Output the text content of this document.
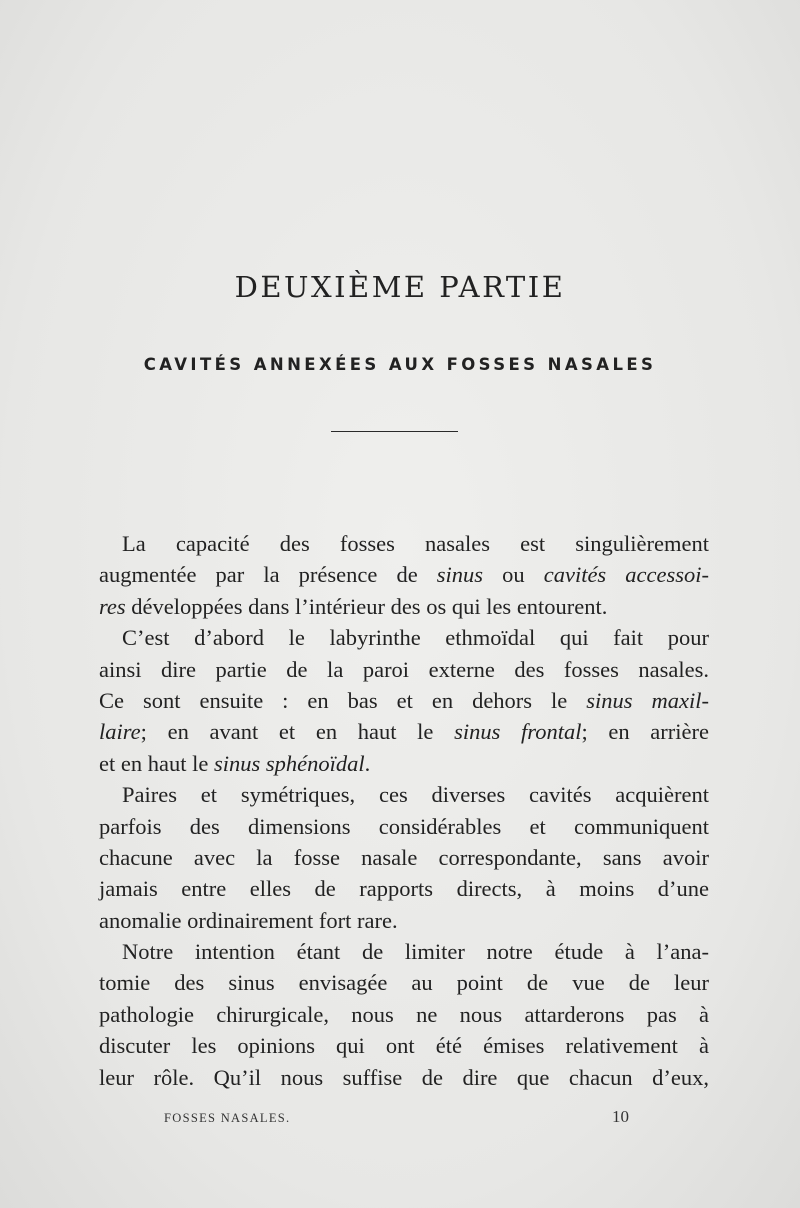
DEUXIÈME PARTIE
CAVITÉS ANNEXÉES AUX FOSSES NASALES
La capacité des fosses nasales est singulièrement
augmentée par la présence de sinus ou cavités accessoi-
res développées dans l’intérieur des os qui les entourent.
C’est d’abord le labyrinthe ethmoïdal qui fait pour
ainsi dire partie de la paroi externe des fosses nasales.
Ce sont ensuite : en bas et en dehors le sinus maxil-
laire; en avant et en haut le sinus frontal; en arrière
et en haut le sinus sphénoïdal.
Paires et symétriques, ces diverses cavités acquièrent
parfois des dimensions considérables et communiquent
chacune avec la fosse nasale correspondante, sans avoir
jamais entre elles de rapports directs, à moins d’une
anomalie ordinairement fort rare.
Notre intention étant de limiter notre étude à l’ana-
tomie des sinus envisagée au point de vue de leur
pathologie chirurgicale, nous ne nous attarderons pas à
discuter les opinions qui ont été émises relativement à
leur rôle. Qu’il nous suffise de dire que chacun d’eux,
FOSSES NASALES.	10
